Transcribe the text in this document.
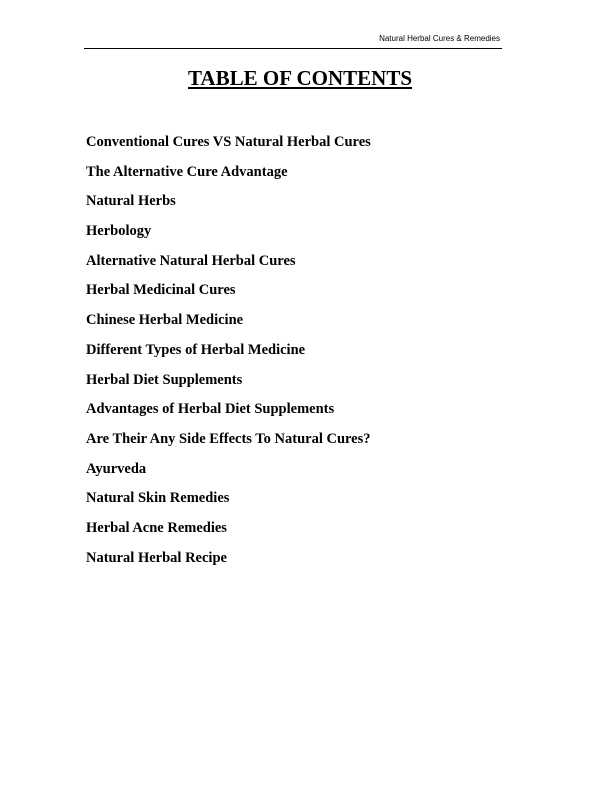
Natural Herbal Cures & Remedies
TABLE OF CONTENTS
Conventional Cures VS Natural Herbal Cures
The Alternative Cure Advantage
Natural Herbs
Herbology
Alternative Natural Herbal Cures
Herbal Medicinal Cures
Chinese Herbal Medicine
Different Types of Herbal Medicine
Herbal Diet Supplements
Advantages of Herbal Diet Supplements
Are Their Any Side Effects To Natural Cures?
Ayurveda
Natural Skin Remedies
Herbal Acne Remedies
Natural Herbal Recipe
